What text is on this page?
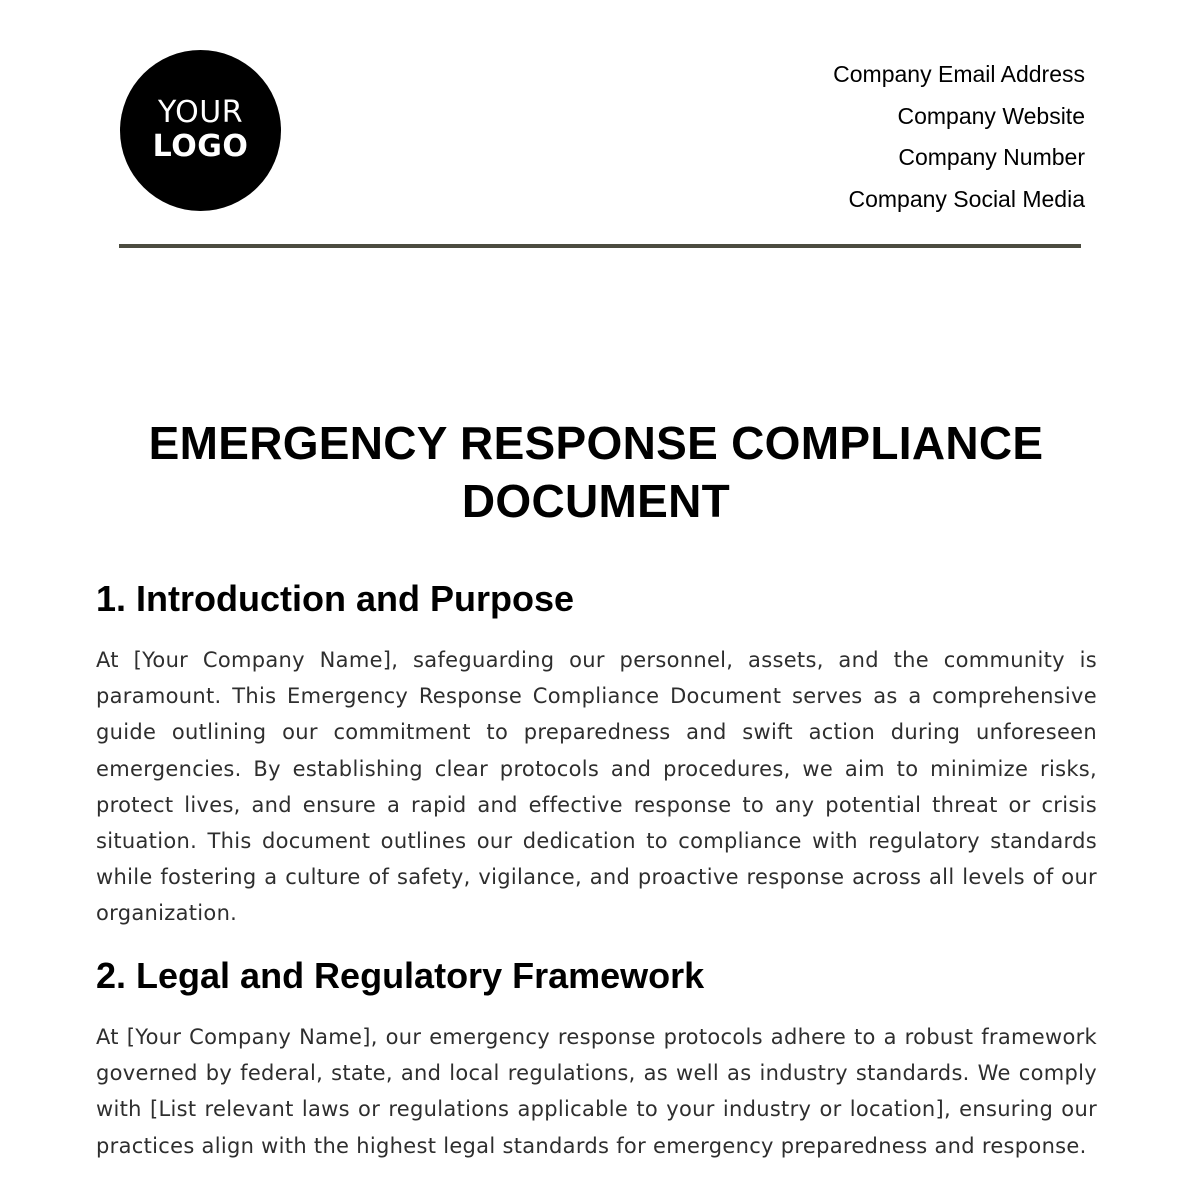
YOUR
LOGO
Company Email Address
Company Website
Company Number
Company Social Media
EMERGENCY RESPONSE COMPLIANCE DOCUMENT
1. Introduction and Purpose

At [Your Company Name], safeguarding our personnel, assets, and the community is paramount. This Emergency Response Compliance Document serves as a comprehensive guide outlining our commitment to preparedness and swift action during unforeseen emergencies. By establishing clear protocols and procedures, we aim to minimize risks, protect lives, and ensure a rapid and effective response to any potential threat or crisis situation. This document outlines our dedication to compliance with regulatory standards while fostering a culture of safety, vigilance, and proactive response across all levels of our organization.

2. Legal and Regulatory Framework

At [Your Company Name], our emergency response protocols adhere to a robust framework governed by federal, state, and local regulations, as well as industry standards. We comply with [List relevant laws or regulations applicable to your industry or location], ensuring our practices align with the highest legal standards for emergency preparedness and response.
